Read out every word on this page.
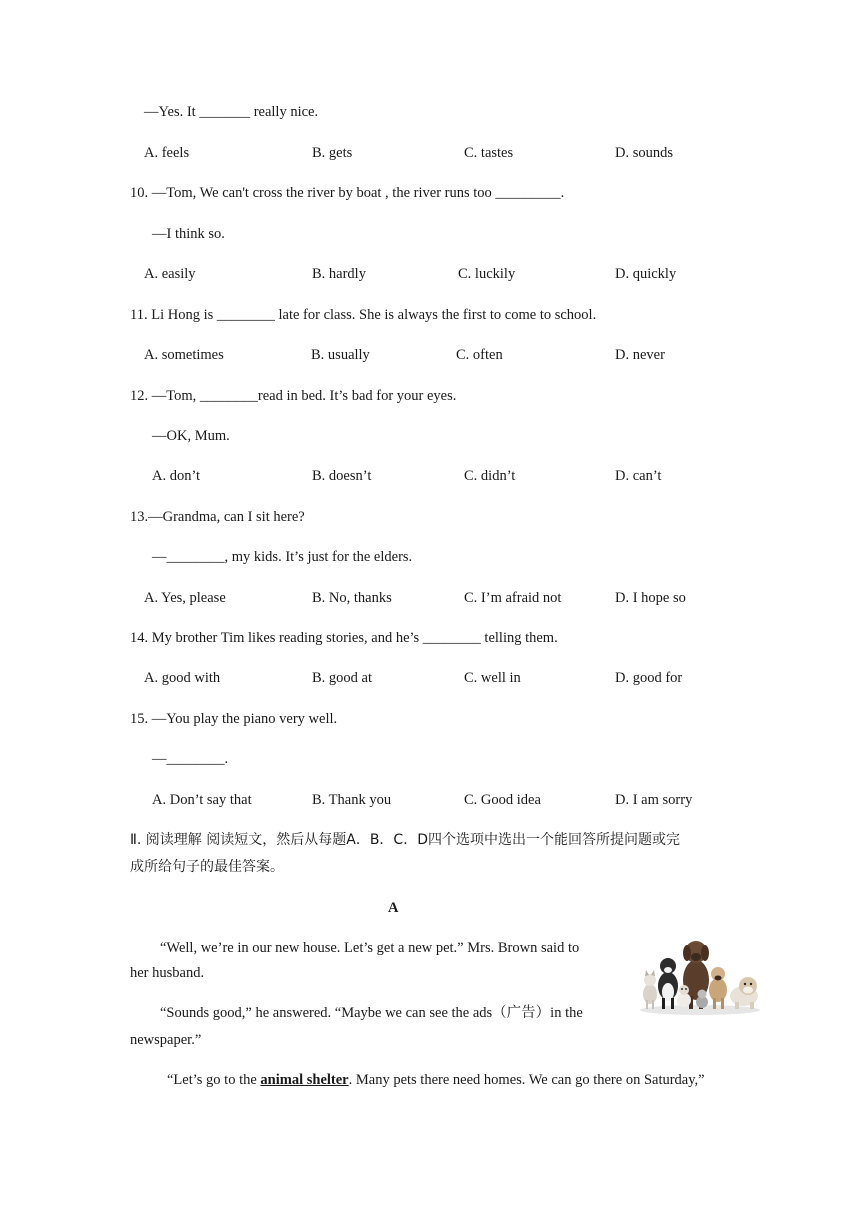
—Yes. It _______ really nice.
A. feels	B. gets	C. tastes	D. sounds
10. —Tom, We can't cross the river by boat , the river runs too _________.
—I think so.
A. easily	B. hardly	C. luckily	D. quickly
11. Li Hong is ________ late for class. She is always the first to come to school.
A. sometimes	B. usually	C. often	D. never
12. —Tom, ________read in bed. It’s bad for your eyes.
—OK, Mum.
A. don’t	B. doesn’t	C. didn’t	D. can’t
13.—Grandma, can I sit here?
—________, my kids. It’s just for the elders.
A. Yes, please	B. No, thanks	C. I’m afraid not	D. I hope so
14. My brother Tim likes reading stories, and he’s ________ telling them.
A. good with	B. good at	C. well in	D. good for
15. —You play the piano very well.
—________.
A. Don’t say that	B. Thank you	C. Good idea	D. I am sorry
Ⅱ. 阅读理解 阅读短文，然后从每题A．B．C．D四个选项中选出一个能回答所提问题或完
成所给句子的最佳答案。
A
“Well, we’re in our new house. Let’s get a new pet.” Mrs. Brown said to
her husband.
“Sounds good,” he answered. “Maybe we can see the ads（广告）in the
newspaper.”
“Let’s go to the animal shelter. Many pets there need homes. We can go there on Saturday,”
